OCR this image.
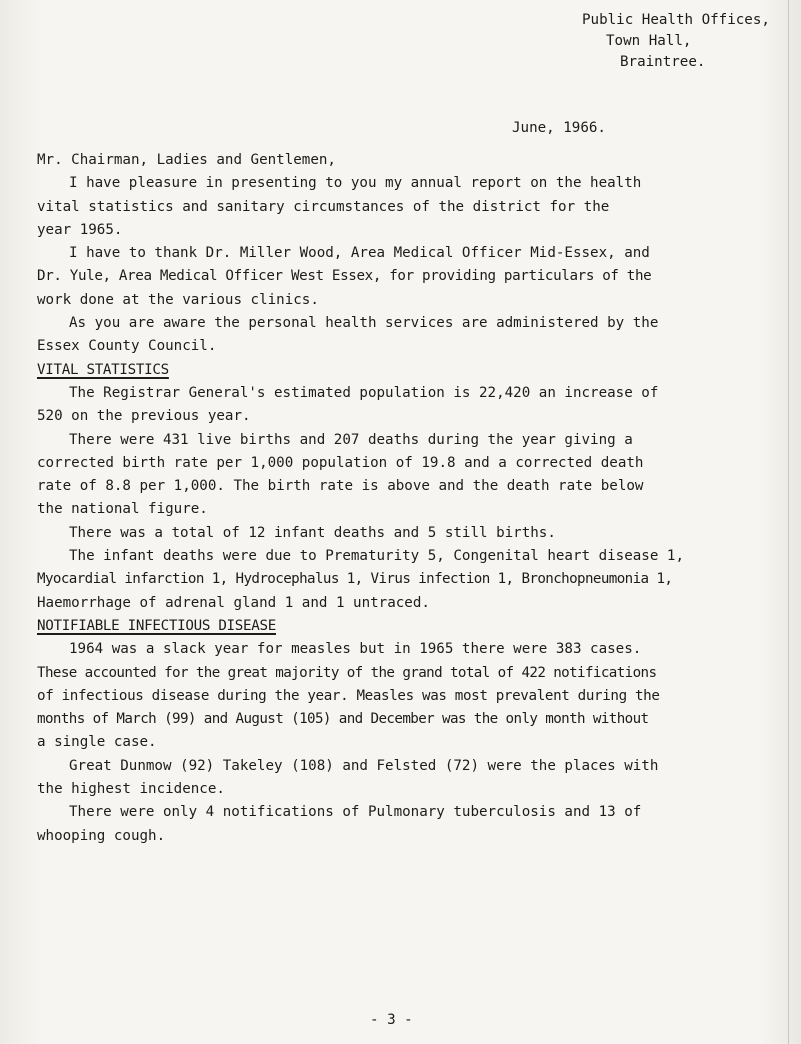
Public Health Offices,
Town Hall,
Braintree.
June, 1966.
Mr. Chairman, Ladies and Gentlemen,
I have pleasure in presenting to you my annual report on the health
vital statistics and sanitary circumstances of the district for the
year 1965.
I have to thank Dr. Miller Wood, Area Medical Officer Mid-Essex, and
Dr. Yule, Area Medical Officer West Essex, for providing particulars of the
work done at the various clinics.
As you are aware the personal health services are administered by the
Essex County Council.
VITAL STATISTICS
The Registrar General's estimated population is 22,420 an increase of
520 on the previous year.
There were 431 live births and 207 deaths during the year giving a
corrected birth rate per 1,000 population of 19.8 and a corrected death
rate of 8.8 per 1,000. The birth rate is above and the death rate below
the national figure.
There was a total of 12 infant deaths and 5 still births.
The infant deaths were due to Prematurity 5, Congenital heart disease 1,
Myocardial infarction 1, Hydrocephalus 1, Virus infection 1, Bronchopneumonia 1,
Haemorrhage of adrenal gland 1 and 1 untraced.
NOTIFIABLE INFECTIOUS DISEASE
1964 was a slack year for measles but in 1965 there were 383 cases.
These accounted for the great majority of the grand total of 422 notifications
of infectious disease during the year. Measles was most prevalent during the
months of March (99) and August (105) and December was the only month without
a single case.
Great Dunmow (92) Takeley (108) and Felsted (72) were the places with
the highest incidence.
There were only 4 notifications of Pulmonary tuberculosis and 13 of
whooping cough.
- 3 -
